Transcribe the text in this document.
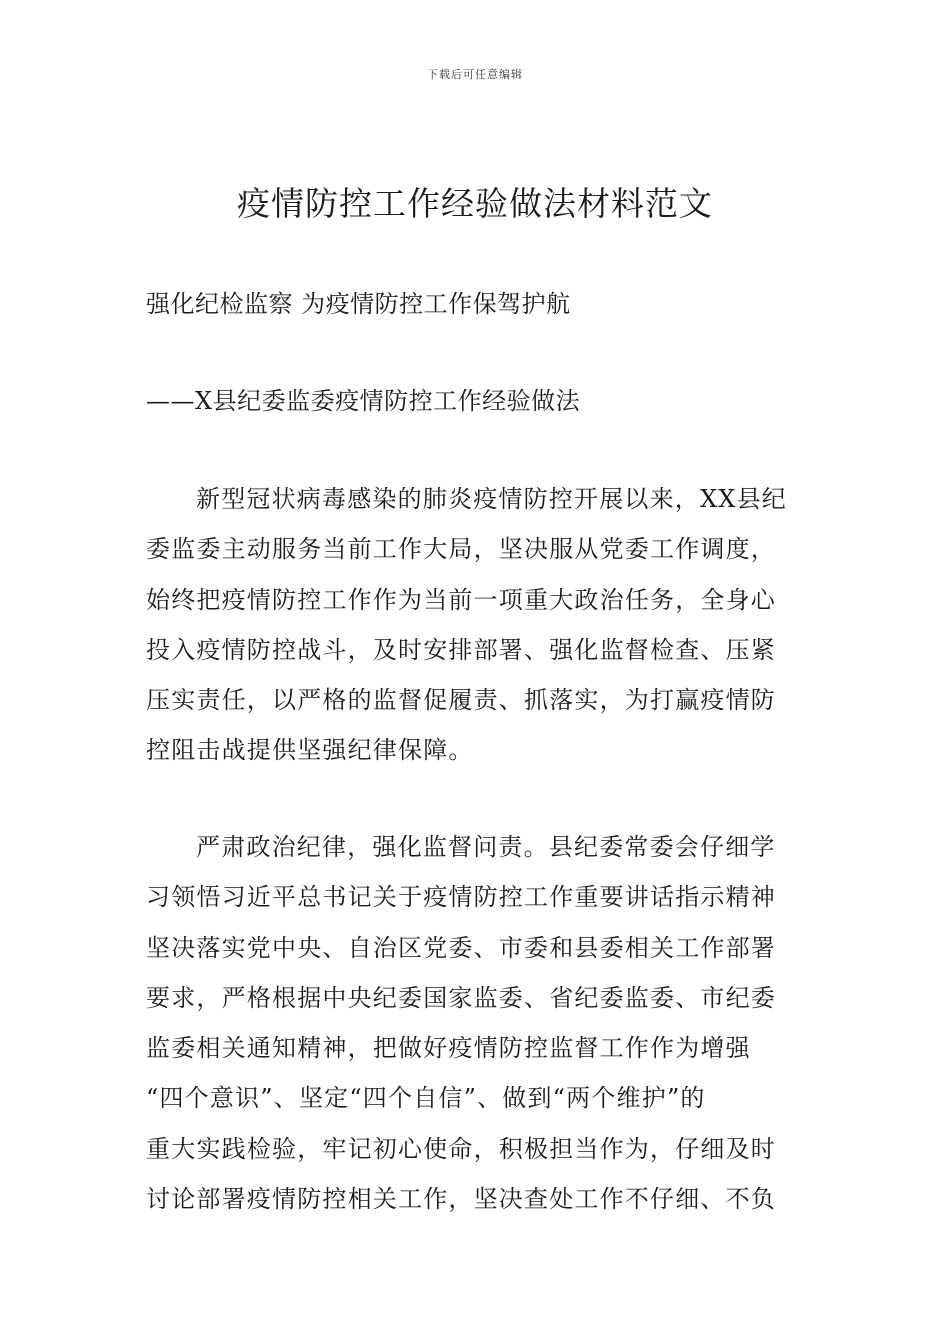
下载后可任意编辑
疫情防控工作经验做法材料范文

强化纪检监察 为疫情防控工作保驾护航

——X县纪委监委疫情防控工作经验做法

新型冠状病毒感染的肺炎疫情防控开展以来，XX县纪
委监委主动服务当前工作大局，坚决服从党委工作调度，
始终把疫情防控工作作为当前一项重大政治任务，全身心
投入疫情防控战斗，及时安排部署、强化监督检查、压紧
压实责任，以严格的监督促履责、抓落实，为打赢疫情防
控阻击战提供坚强纪律保障。
严肃政治纪律，强化监督问责。县纪委常委会仔细学
习领悟习近平总书记关于疫情防控工作重要讲话指示精神
坚决落实党中央、自治区党委、市委和县委相关工作部署
要求，严格根据中央纪委国家监委、省纪委监委、市纪委
监委相关通知精神，把做好疫情防控监督工作作为增强
“四个意识”、坚定“四个自信”、做到“两个维护”的
重大实践检验，牢记初心使命，积极担当作为，仔细及时
讨论部署疫情防控相关工作，坚决查处工作不仔细、不负
